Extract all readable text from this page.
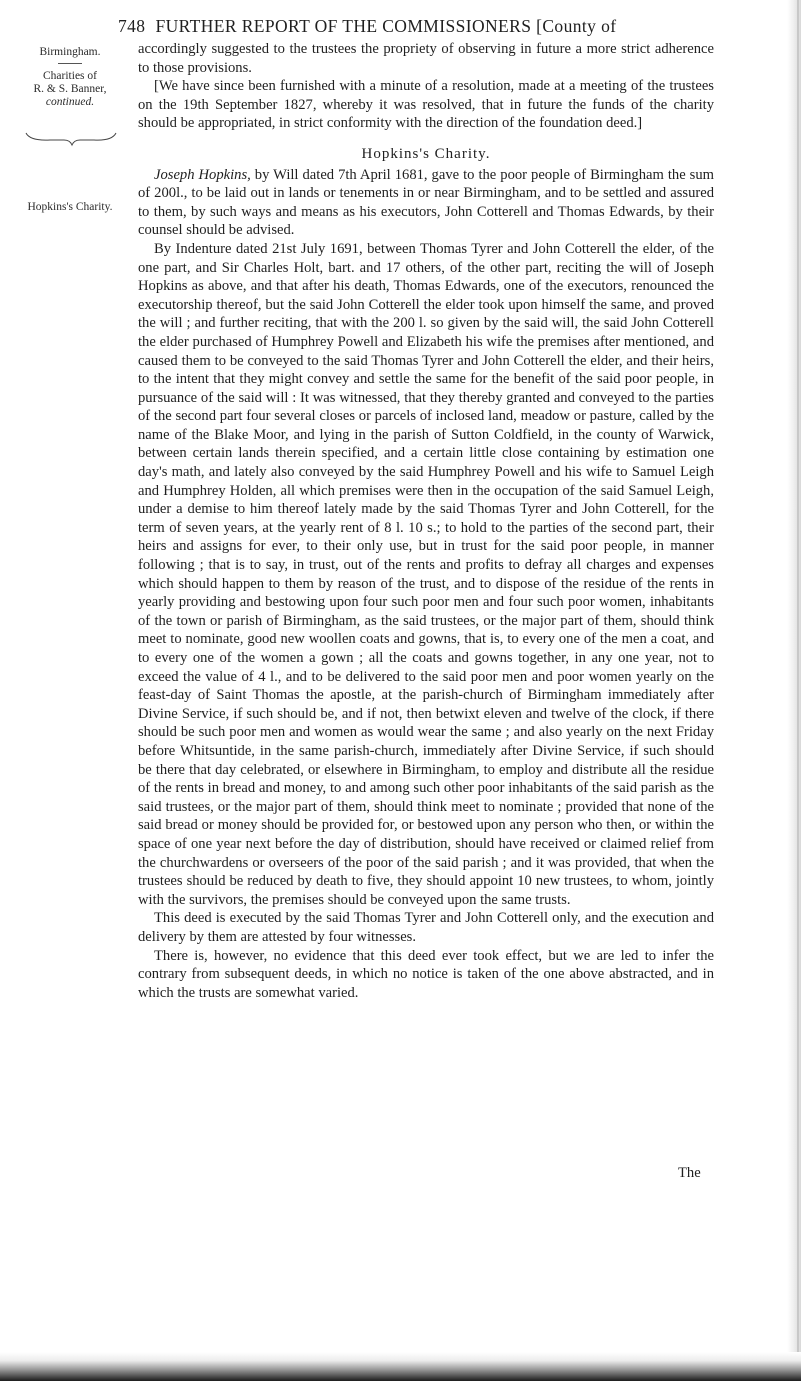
748 FURTHER REPORT OF THE COMMISSIONERS [County of
Birmingham.
Charities of
R. & S. Banner,
continued.
Hopkins's Charity.

accordingly suggested to the trustees the propriety of observing in future a more strict adherence to those provisions.

[We have since been furnished with a minute of a resolution, made at a meeting of the trustees on the 19th September 1827, whereby it was resolved, that in future the funds of the charity should be appropriated, in strict conformity with the direction of the foundation deed.]

Hopkins's Charity.

Joseph Hopkins, by Will dated 7th April 1681, gave to the poor people of Birmingham the sum of 200l., to be laid out in lands or tenements in or near Birmingham, and to be settled and assured to them, by such ways and means as his executors, John Cotterell and Thomas Edwards, by their counsel should be advised.

By Indenture dated 21st July 1691, between Thomas Tyrer and John Cotterell the elder, of the one part, and Sir Charles Holt, bart. and 17 others, of the other part, reciting the will of Joseph Hopkins as above, and that after his death, Thomas Edwards, one of the executors, renounced the executorship thereof, but the said John Cotterell the elder took upon himself the same, and proved the will ; and further reciting, that with the 200 l. so given by the said will, the said John Cotterell the elder purchased of Humphrey Powell and Elizabeth his wife the premises after mentioned, and caused them to be conveyed to the said Thomas Tyrer and John Cotterell the elder, and their heirs, to the intent that they might convey and settle the same for the benefit of the said poor people, in pursuance of the said will : It was witnessed, that they thereby granted and conveyed to the parties of the second part four several closes or parcels of inclosed land, meadow or pasture, called by the name of the Blake Moor, and lying in the parish of Sutton Coldfield, in the county of Warwick, between certain lands therein specified, and a certain little close containing by estimation one day's math, and lately also conveyed by the said Humphrey Powell and his wife to Samuel Leigh and Humphrey Holden, all which premises were then in the occupation of the said Samuel Leigh, under a demise to him thereof lately made by the said Thomas Tyrer and John Cotterell, for the term of seven years, at the yearly rent of 8 l. 10 s.; to hold to the parties of the second part, their heirs and assigns for ever, to their only use, but in trust for the said poor people, in manner following ; that is to say, in trust, out of the rents and profits to defray all charges and expenses which should happen to them by reason of the trust, and to dispose of the residue of the rents in yearly providing and bestowing upon four such poor men and four such poor women, inhabitants of the town or parish of Birmingham, as the said trustees, or the major part of them, should think meet to nominate, good new woollen coats and gowns, that is, to every one of the men a coat, and to every one of the women a gown ; all the coats and gowns together, in any one year, not to exceed the value of 4 l., and to be delivered to the said poor men and poor women yearly on the feast-day of Saint Thomas the apostle, at the parish-church of Birmingham immediately after Divine Service, if such should be, and if not, then betwixt eleven and twelve of the clock, if there should be such poor men and women as would wear the same ; and also yearly on the next Friday before Whitsuntide, in the same parish-church, immediately after Divine Service, if such should be there that day celebrated, or elsewhere in Birmingham, to employ and distribute all the residue of the rents in bread and money, to and among such other poor inhabitants of the said parish as the said trustees, or the major part of them, should think meet to nominate ; provided that none of the said bread or money should be provided for, or bestowed upon any person who then, or within the space of one year next before the day of distribution, should have received or claimed relief from the churchwardens or overseers of the poor of the said parish ; and it was provided, that when the trustees should be reduced by death to five, they should appoint 10 new trustees, to whom, jointly with the survivors, the premises should be conveyed upon the same trusts.

This deed is executed by the said Thomas Tyrer and John Cotterell only, and the execution and delivery by them are attested by four witnesses.

There is, however, no evidence that this deed ever took effect, but we are led to infer the contrary from subsequent deeds, in which no notice is taken of the one above abstracted, and in which the trusts are somewhat varied.

The
